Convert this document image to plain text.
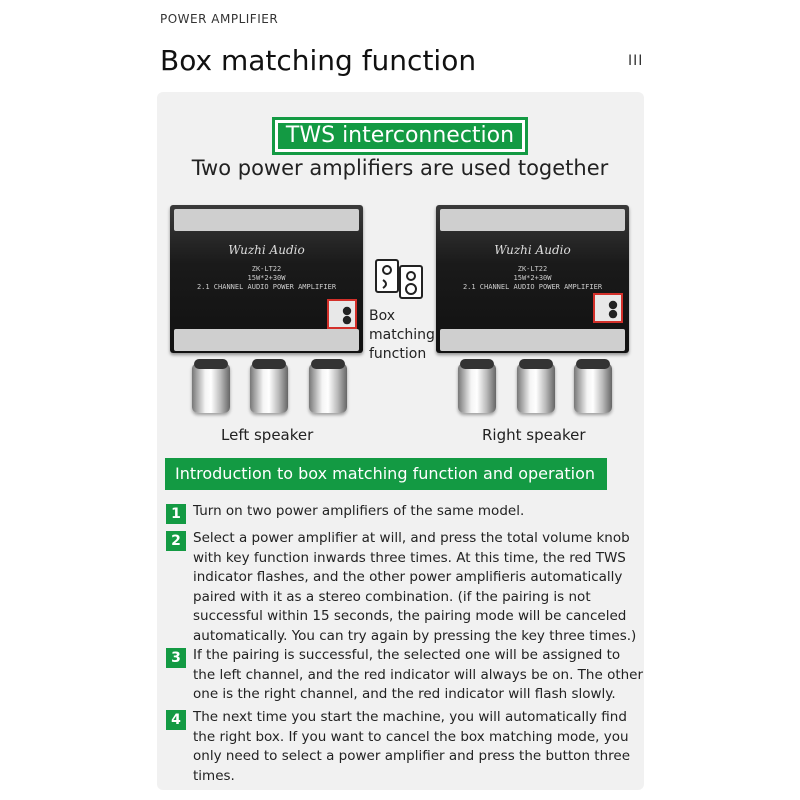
POWER AMPLIFIER
Box matching function	III
TWS interconnection
Two power amplifiers are used together
Wuzhi Audio
ZK-LT22
15W*2+30W
2.1 CHANNEL AUDIO POWER AMPLIFIER
Wuzhi Audio
ZK-LT22
15W*2+30W
2.1 CHANNEL AUDIO POWER AMPLIFIER
Box
matching
function
Left speaker	Right speaker
Introduction to box matching function and operation
1 Turn on two power amplifiers of the same model.
2 Select a power amplifier at will, and press the total volume knob
with key function inwards three times. At this time, the red TWS
indicator flashes, and the other power amplifieris automatically
paired with it as a stereo combination. (if the pairing is not
successful within 15 seconds, the pairing mode will be canceled
automatically. You can try again by pressing the key three times.)
3 If the pairing is successful, the selected one will be assigned to
the left channel, and the red indicator will always be on. The other
one is the right channel, and the red indicator will flash slowly.
4 The next time you start the machine, you will automatically find
the right box. If you want to cancel the box matching mode, you
only need to select a power amplifier and press the button three
times.
